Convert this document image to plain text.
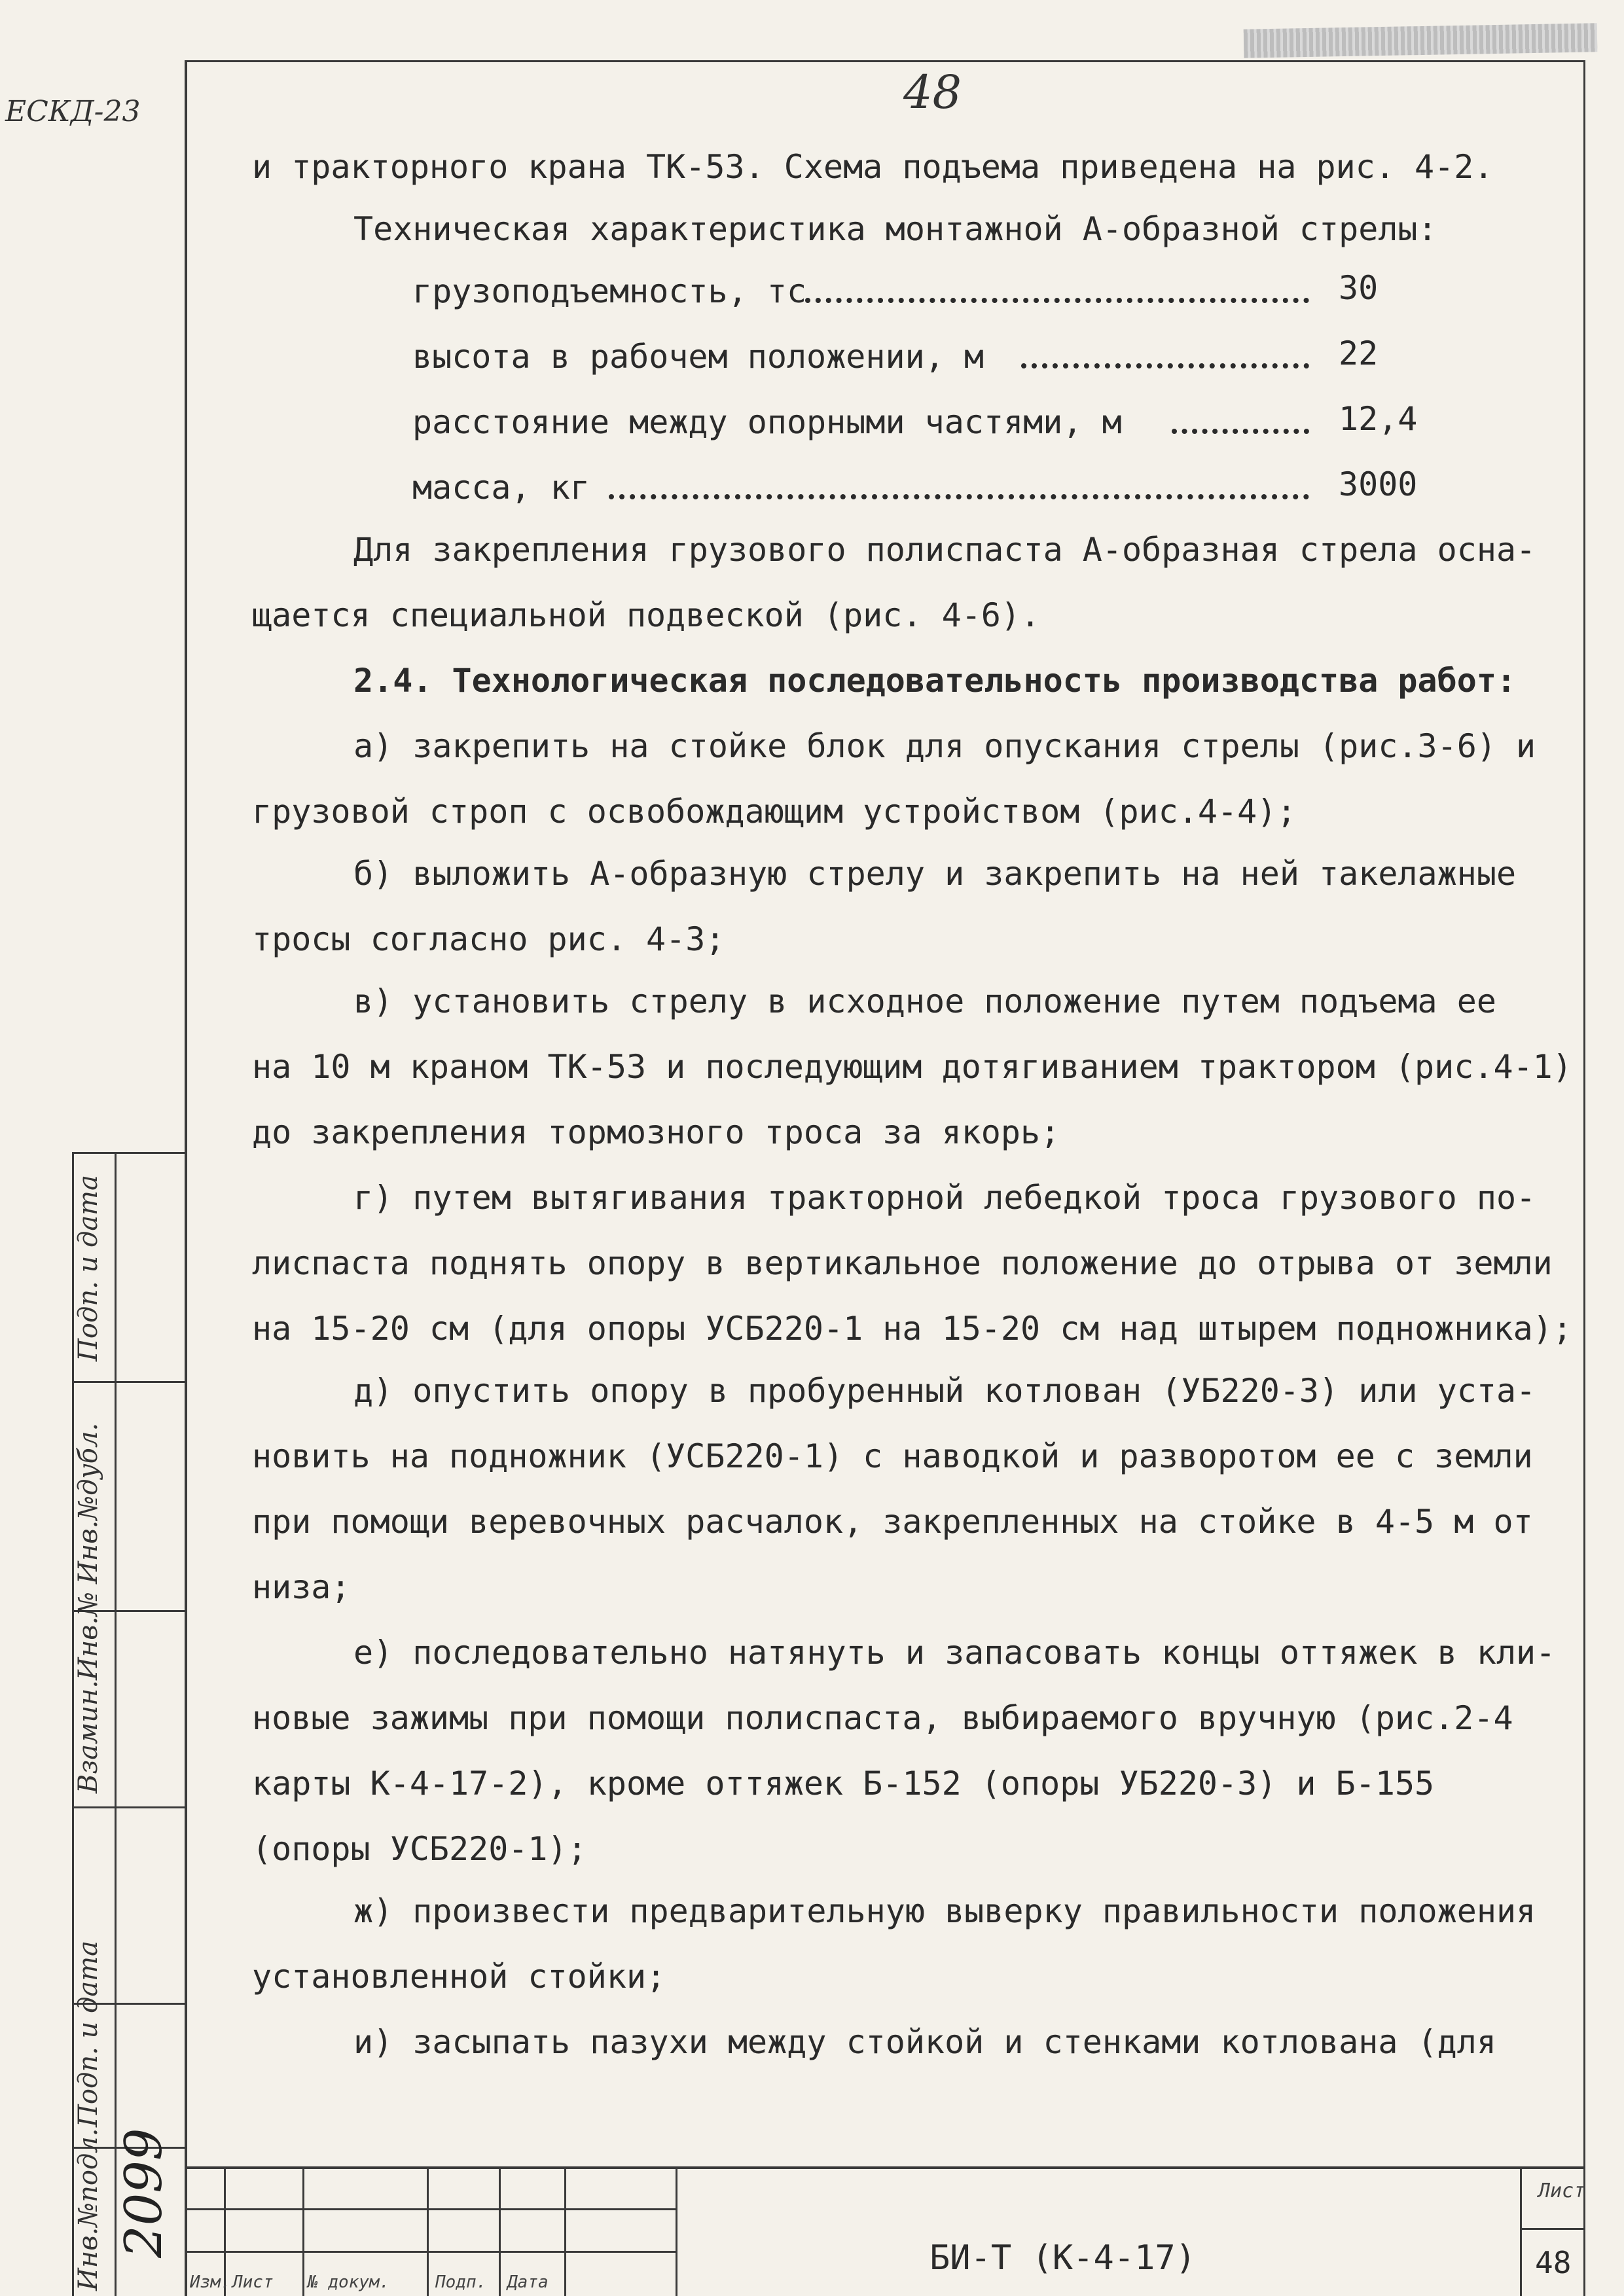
ЕСКД-23	48
и тракторного крана ТК-53. Схема подъема приведена на рис. 4-2.
Техническая характеристика монтажной А-образной стрелы:
грузоподъемность, тс	30
высота в рабочем положении, м	22
расстояние между опорными частями, м	12,4
масса, кг	3000
Для закрепления грузового полиспаста А-образная стрела осна-
щается специальной подвеской (рис. 4-6).
2.4. Технологическая последовательность производства работ:
а) закрепить на стойке блок для опускания стрелы (рис.3-6) и
грузовой строп с освобождающим устройством (рис.4-4);
б) выложить А-образную стрелу и закрепить на ней такелажные
тросы согласно рис. 4-3;
в) установить стрелу в исходное положение путем подъема ее
на 10 м краном ТК-53 и последующим дотягиванием трактором (рис.4-1)
до закрепления тормозного троса за якорь;
г) путем вытягивания тракторной лебедкой троса грузового по-
лиспаста поднять опору в вертикальное положение до отрыва от земли
на 15-20 см (для опоры УСБ220-1 на 15-20 см над штырем подножника);
д) опустить опору в пробуренный котлован (УБ220-3) или уста-
новить на подножник (УСБ220-1) с наводкой и разворотом ее с земли
при помощи веревочных расчалок, закрепленных на стойке в 4-5 м от
низа;
е) последовательно натянуть и запасовать концы оттяжек в кли-
новые зажимы при помощи полиспаста, выбираемого вручную (рис.2-4
карты К-4-17-2), кроме оттяжек Б-152 (опоры УБ220-3) и Б-155
(опоры УСБ220-1);
ж) произвести предварительную выверку правильности положения
установленной стойки;
и) засыпать пазухи между стойкой и стенками котлована (для
Подп. и дата
Инв.№дубл.
Взамин.Инв.№
Подп. и дата
Инв.№подл. 2099
Изм. Лист № докум.	Подп. Дата
БИ-Т (К-4-17)
Лист
48
